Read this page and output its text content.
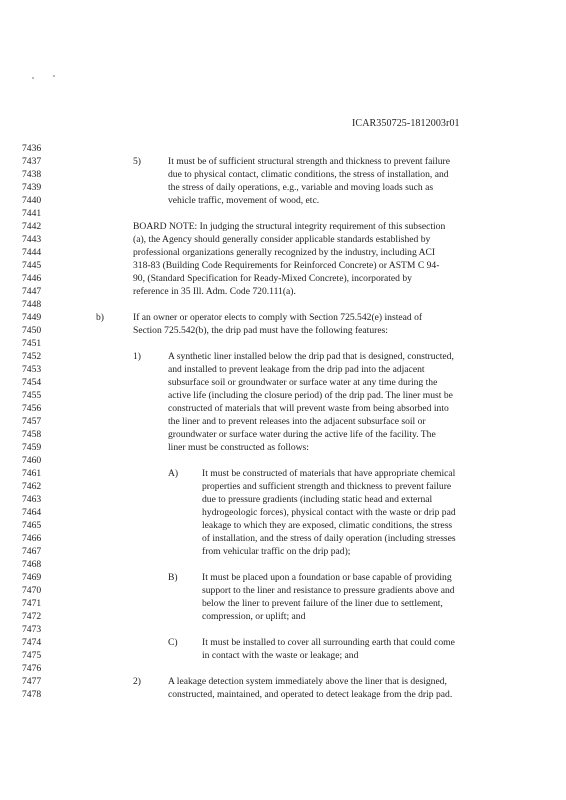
ICAR350725-1812003r01
7436
7437
7438
7439
7440
7441
7442
7443
7444
7445
7446
7447
7448
7449
7450
7451
7452
7453
7454
7455
7456
7457
7458
7459
7460
7461
7462
7463
7464
7465
7466
7467
7468
7469
7470
7471
7472
7473
7474
7475
7476
7477
7478
5)	It must be of sufficient structural strength and thickness to prevent failure
due to physical contact, climatic conditions, the stress of installation, and
the stress of daily operations, e.g., variable and moving loads such as
vehicle traffic, movement of wood, etc.
BOARD NOTE: In judging the structural integrity requirement of this subsection
(a), the Agency should generally consider applicable standards established by
professional organizations generally recognized by the industry, including ACI
318-83 (Building Code Requirements for Reinforced Concrete) or ASTM C 94-
90, (Standard Specification for Ready-Mixed Concrete), incorporated by
reference in 35 Ill. Adm. Code 720.111(a).
b)	If an owner or operator elects to comply with Section 725.542(e) instead of
Section 725.542(b), the drip pad must have the following features:
1)	A synthetic liner installed below the drip pad that is designed, constructed,
and installed to prevent leakage from the drip pad into the adjacent
subsurface soil or groundwater or surface water at any time during the
active life (including the closure period) of the drip pad. The liner must be
constructed of materials that will prevent waste from being absorbed into
the liner and to prevent releases into the adjacent subsurface soil or
groundwater or surface water during the active life of the facility. The
liner must be constructed as follows:
A) It must be constructed of materials that have appropriate chemical
properties and sufficient strength and thickness to prevent failure
due to pressure gradients (including static head and external
hydrogeologic forces), physical contact with the waste or drip pad
leakage to which they are exposed, climatic conditions, the stress
of installation, and the stress of daily operation (including stresses
from vehicular traffic on the drip pad);
B)	It must be placed upon a foundation or base capable of providing
support to the liner and resistance to pressure gradients above and
below the liner to prevent failure of the liner due to settlement,
compression, or uplift; and
C)	It must be installed to cover all surrounding earth that could come
in contact with the waste or leakage; and
2)	A leakage detection system immediately above the liner that is designed,
constructed, maintained, and operated to detect leakage from the drip pad.
